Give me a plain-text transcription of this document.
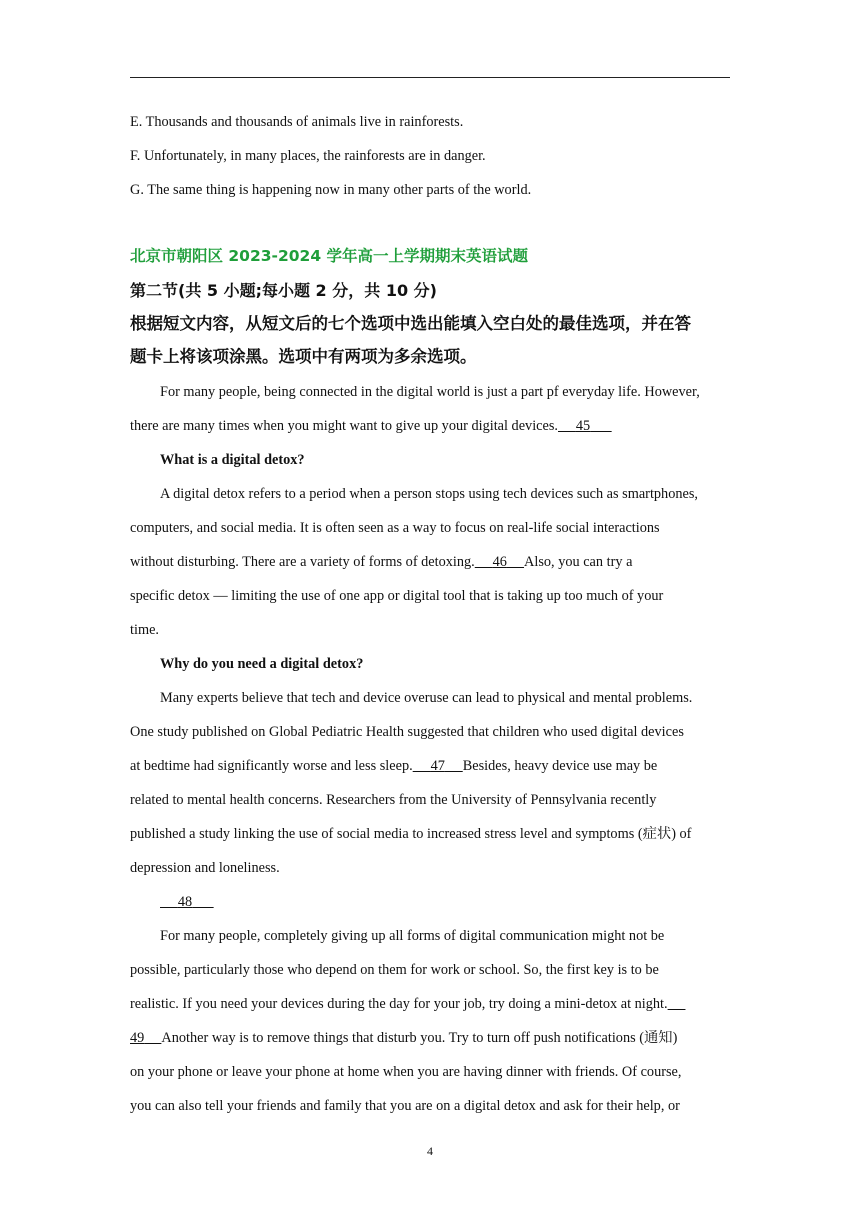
E. Thousands and thousands of animals live in rainforests.
F. Unfortunately, in many places, the rainforests are in danger.
G. The same thing is happening now in many other parts of the world.
北京市朝阳区 2023-2024 学年高一上学期期末英语试题
第二节(共 5 小题;每小题 2 分，共 10 分)
根据短文内容，从短文后的七个选项中选出能填入空白处的最佳选项，并在答
题卡上将该项涂黑。选项中有两项为多余选项。
For many people, being connected in the digital world is just a part pf everyday life. However,
there are many times when you might want to give up your digital devices. 45
What is a digital detox?
A digital detox refers to a period when a person stops using tech devices such as smartphones,
computers, and social media. It is often seen as a way to focus on real-life social interactions
without disturbing. There are a variety of forms of detoxing. 46 Also, you can try a
specific detox — limiting the use of one app or digital tool that is taking up too much of your
time.
Why do you need a digital detox?
Many experts believe that tech and device overuse can lead to physical and mental problems.
One study published on Global Pediatric Health suggested that children who used digital devices
at bedtime had significantly worse and less sleep. 47 Besides, heavy device use may be
related to mental health concerns. Researchers from the University of Pennsylvania recently
published a study linking the use of social media to increased stress level and symptoms (症状) of
depression and loneliness.
48
For many people, completely giving up all forms of digital communication might not be
possible, particularly those who depend on them for work or school. So, the first key is to be
realistic. If you need your devices during the day for your job, try doing a mini-detox at night.
49 Another way is to remove things that disturb you. Try to turn off push notifications (通知)
on your phone or leave your phone at home when you are having dinner with friends. Of course,
you can also tell your friends and family that you are on a digital detox and ask for their help, or
4
